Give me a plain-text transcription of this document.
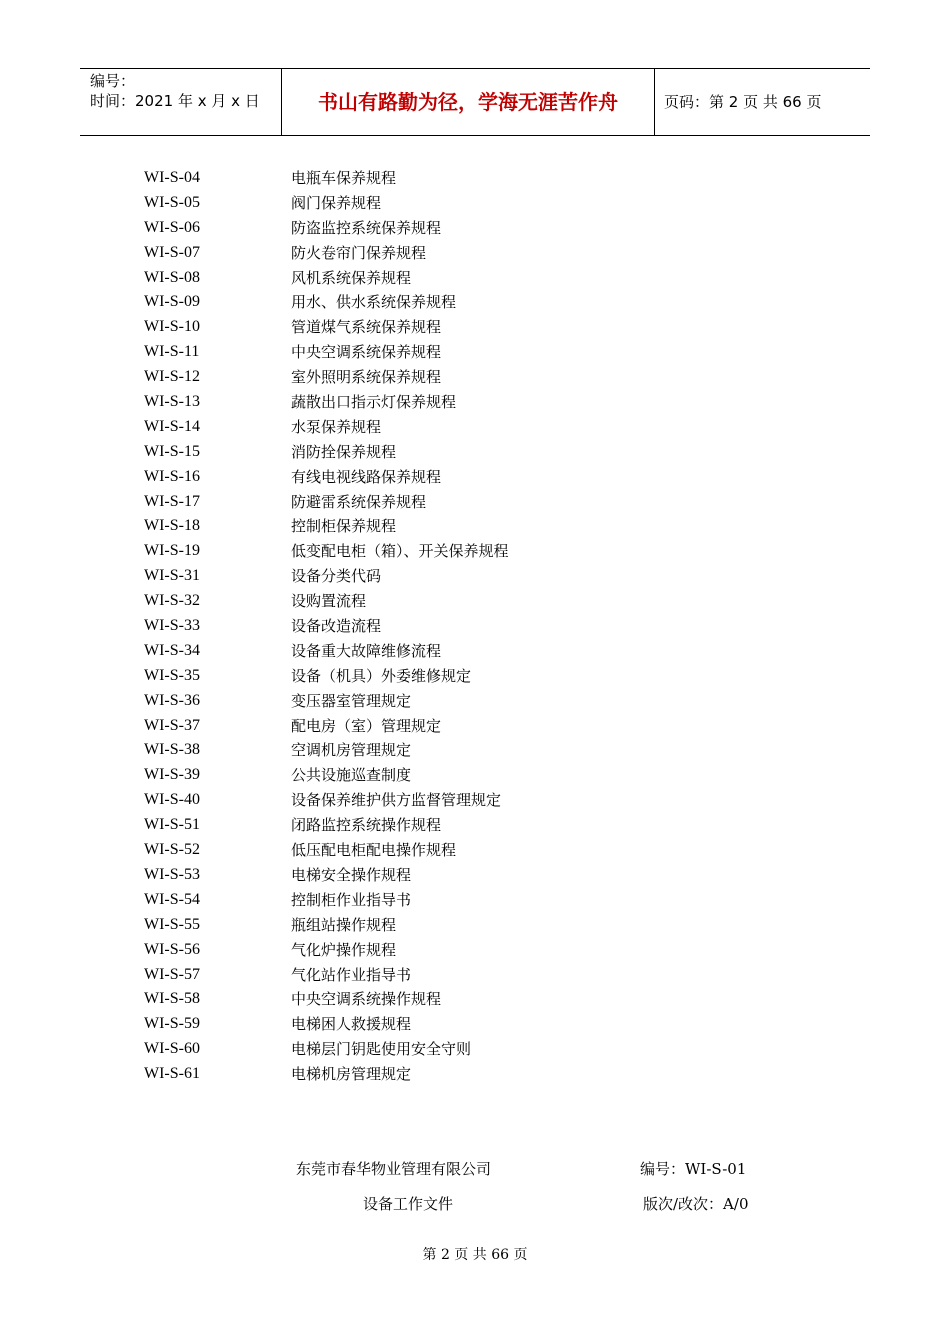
编号：
时间：2021 年 x 月 x 日	书山有路勤为径，学海无涯苦作舟	页码：第 2 页 共 66 页
WI-S-04	电瓶车保养规程
WI-S-05	阀门保养规程
WI-S-06	防盗监控系统保养规程
WI-S-07	防火卷帘门保养规程
WI-S-08	风机系统保养规程
WI-S-09	用水、供水系统保养规程
WI-S-10	管道煤气系统保养规程
WI-S-11	中央空调系统保养规程
WI-S-12	室外照明系统保养规程
WI-S-13	蔬散出口指示灯保养规程
WI-S-14	水泵保养规程
WI-S-15	消防拴保养规程
WI-S-16	有线电视线路保养规程
WI-S-17	防避雷系统保养规程
WI-S-18	控制柜保养规程
WI-S-19	低变配电柜（箱）、开关保养规程
WI-S-31	设备分类代码
WI-S-32	设购置流程
WI-S-33	设备改造流程
WI-S-34	设备重大故障维修流程
WI-S-35	设备（机具）外委维修规定
WI-S-36	变压器室管理规定
WI-S-37	配电房（室）管理规定
WI-S-38	空调机房管理规定
WI-S-39	公共设施巡查制度
WI-S-40	设备保养维护供方监督管理规定
WI-S-51	闭路监控系统操作规程
WI-S-52	低压配电柜配电操作规程
WI-S-53	电梯安全操作规程
WI-S-54	控制柜作业指导书
WI-S-55	瓶组站操作规程
WI-S-56	气化炉操作规程
WI-S-57	气化站作业指导书
WI-S-58	中央空调系统操作规程
WI-S-59	电梯困人救援规程
WI-S-60	电梯层门钥匙使用安全守则
WI-S-61	电梯机房管理规定
东莞市春华物业管理有限公司	编号：WI-S-01
设备工作文件	版次/改次：A/0
第 2 页 共 66 页
